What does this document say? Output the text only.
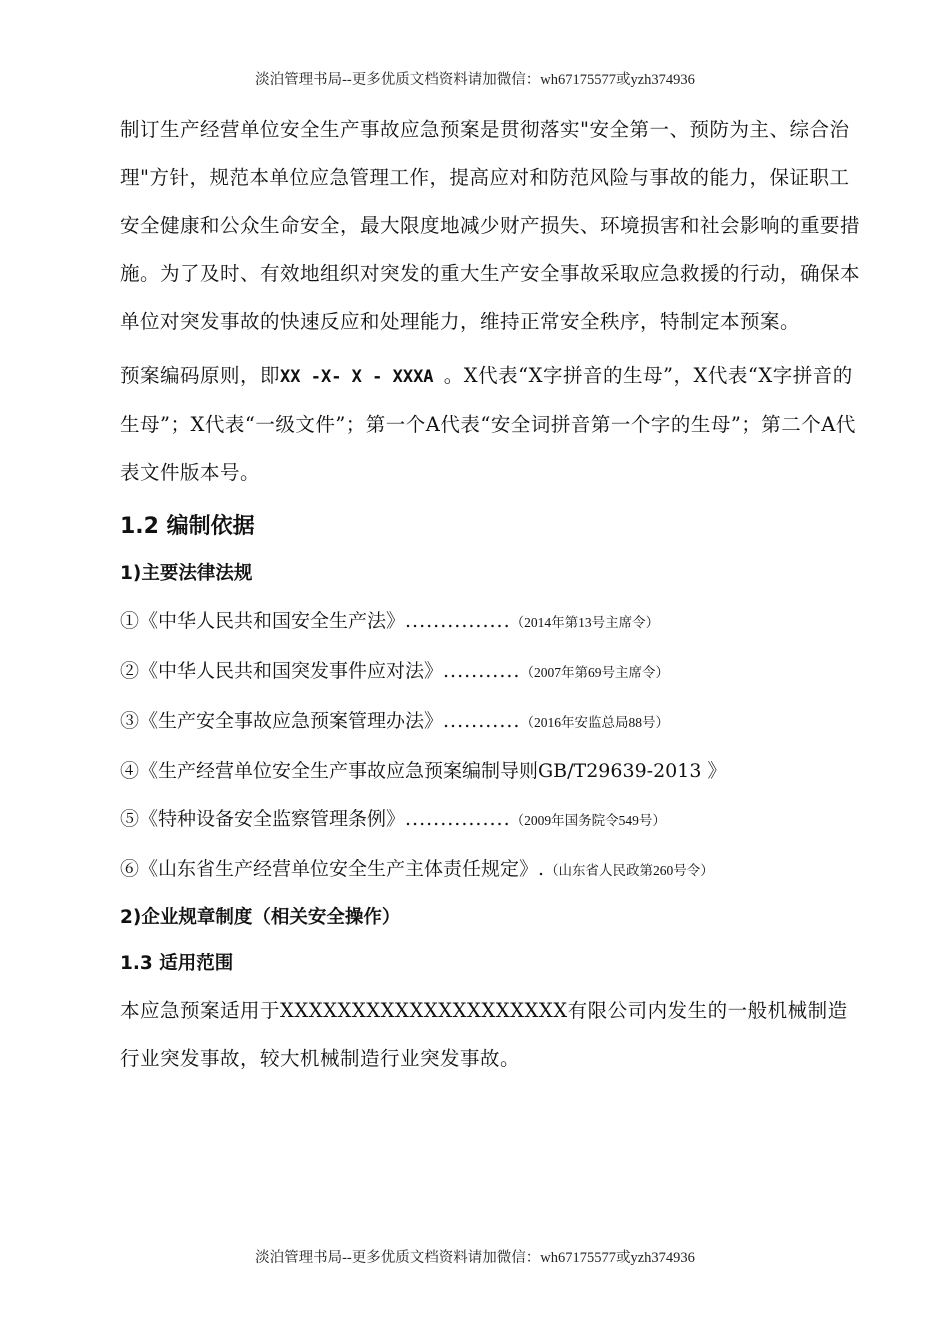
淡泊管理书局--更多优质文档资料请加微信：wh67175577或yzh374936

制订生产经营单位安全生产事故应急预案是贯彻落实"安全第一、预防为主、综合治理"方针，规范本单位应急管理工作，提高应对和防范风险与事故的能力，保证职工安全健康和公众生命安全，最大限度地减少财产损失、环境损害和社会影响的重要措施。为了及时、有效地组织对突发的重大生产安全事故采取应急救援的行动，确保本单位对突发事故的快速反应和处理能力，维持正常安全秩序，特制定本预案。

预案编码原则，即XX -X- X - XXXA 。X代表“X字拼音的生母”，X代表“X字拼音的生母”；X代表“一级文件”；第一个A代表“安全词拼音第一个字的生母”；第二个A代表文件版本号。

1.2 编制依据
1)主要法律法规
①《中华人民共和国安全生产法》...............（2014年第13号主席令）
②《中华人民共和国突发事件应对法》...........（2007年第69号主席令）
③《生产安全事故应急预案管理办法》...........（2016年安监总局88号）
④《生产经营单位安全生产事故应急预案编制导则GB/T29639-2013 》
⑤《特种设备安全监察管理条例》...............（2009年国务院令549号）
⑥《山东省生产经营单位安全生产主体责任规定》.（山东省人民政第260号令）
2)企业规章制度（相关安全操作）
1.3 适用范围

本应急预案适用于XXXXXXXXXXXXXXXXXXXX有限公司内发生的一般机械制造行业突发事故，较大机械制造行业突发事故。

淡泊管理书局--更多优质文档资料请加微信：wh67175577或yzh374936
